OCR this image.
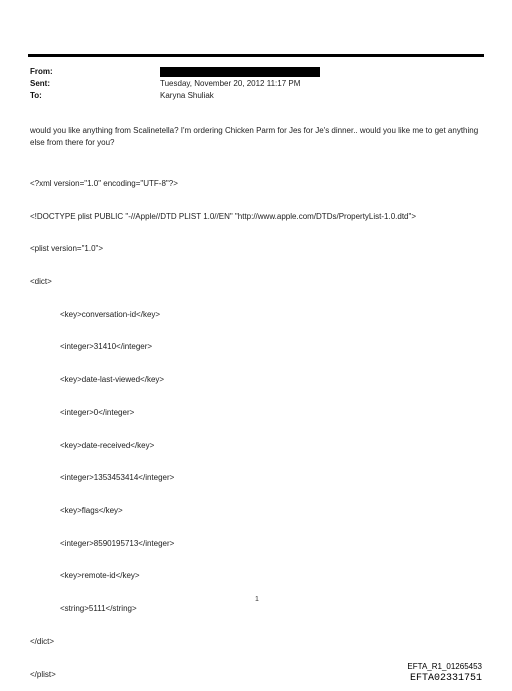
From:
Sent:	Tuesday, November 20, 2012 11:17 PM
To:	Karyna Shuliak
would you like anything from Scalinetella? I'm ordering Chicken Parm for Jes for Je's dinner.. would you like me to get anything else from there for you?

<?xml version="1.0" encoding="UTF-8"?>

<!DOCTYPE plist PUBLIC "-//Apple//DTD PLIST 1.0//EN" "http://www.apple.com/DTDs/PropertyList-1.0.dtd">

<plist version="1.0">

<dict>

<key>conversation-id</key>

<integer>31410</integer>

<key>date-last-viewed</key>

<integer>0</integer>

<key>date-received</key>

<integer>1353453414</integer>

<key>flags</key>

<integer>8590195713</integer>

<key>remote-id</key>

<string>5111</string>

</dict>

</plist>

1
EFTA_R1_01265453
EFTA02331751
